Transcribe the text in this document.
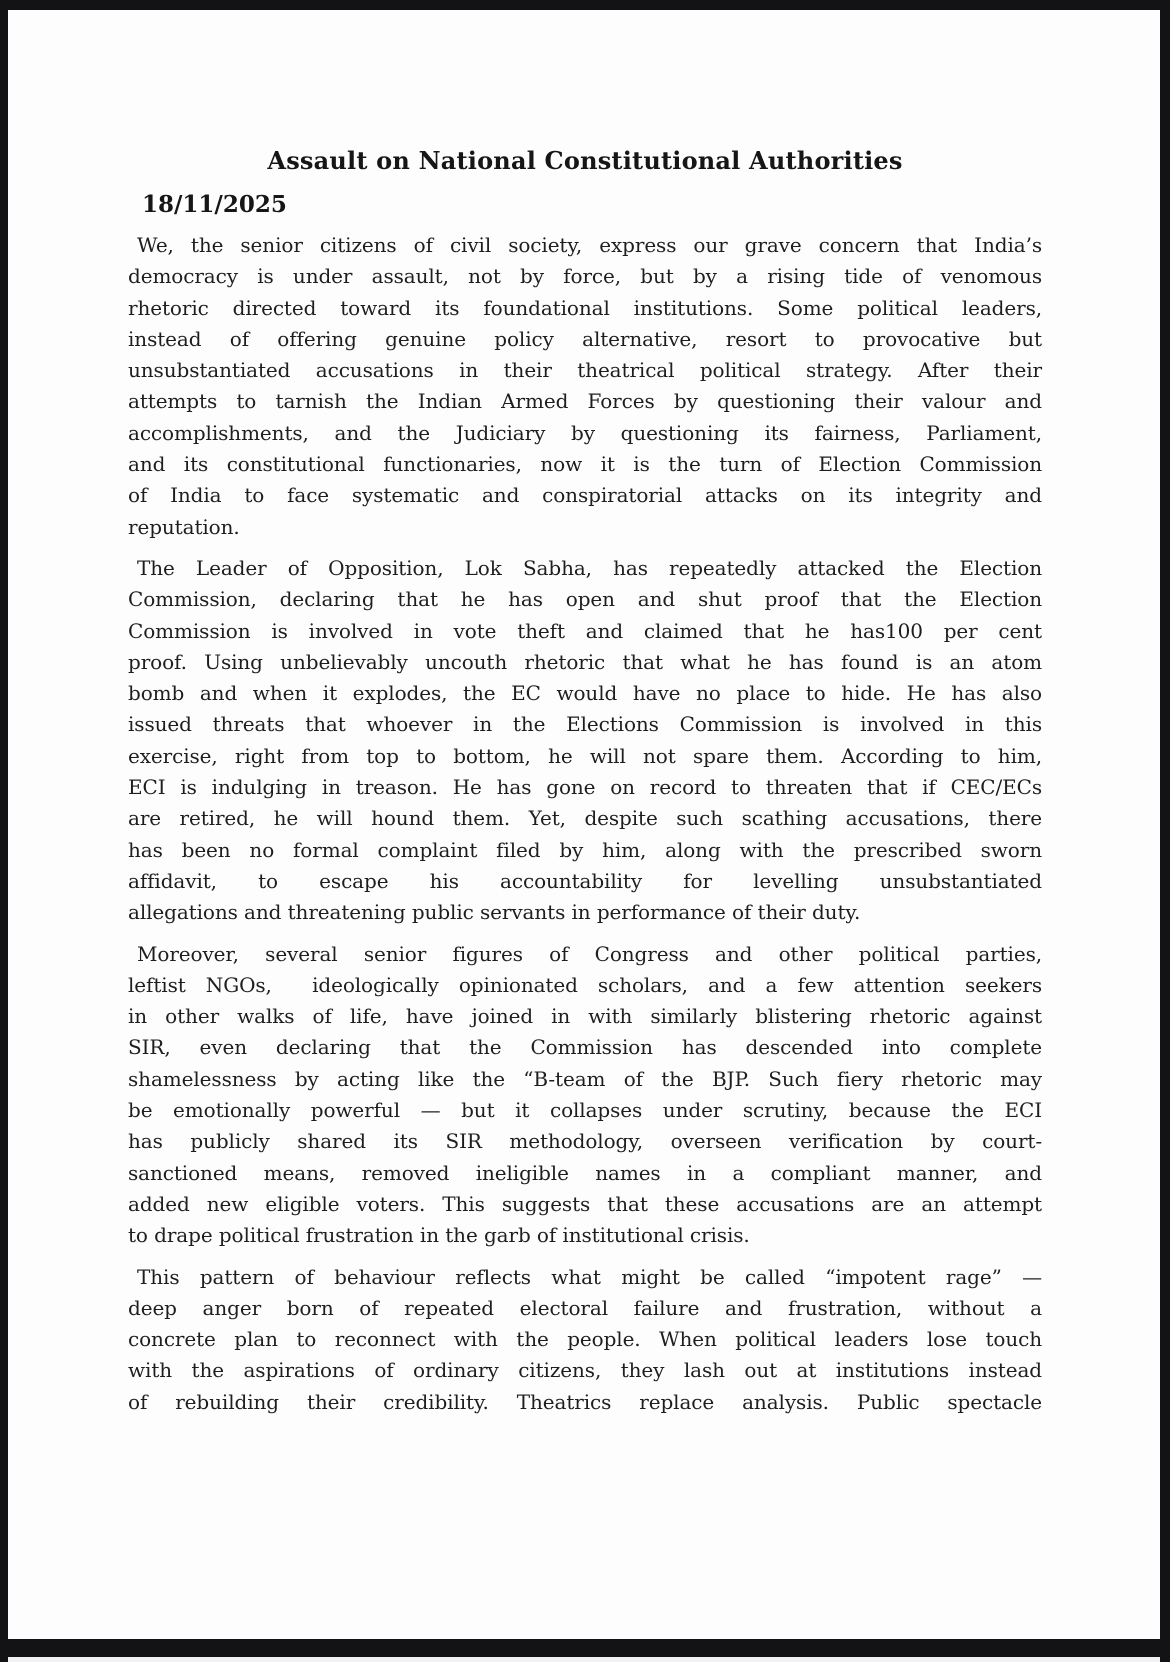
Assault on National Constitutional Authorities
18/11/2025
We, the senior citizens of civil society, express our grave concern that India’s
democracy is under assault, not by force, but by a rising tide of venomous
rhetoric directed toward its foundational institutions. Some political leaders,
instead of offering genuine policy alternative, resort to provocative but
unsubstantiated accusations in their theatrical political strategy. After their
attempts to tarnish the Indian Armed Forces by questioning their valour and
accomplishments, and the Judiciary by questioning its fairness, Parliament,
and its constitutional functionaries, now it is the turn of Election Commission
of India to face systematic and conspiratorial attacks on its integrity and
reputation.
The Leader of Opposition, Lok Sabha, has repeatedly attacked the Election
Commission, declaring that he has open and shut proof that the Election
Commission is involved in vote theft and claimed that he has100 per cent
proof. Using unbelievably uncouth rhetoric that what he has found is an atom
bomb and when it explodes, the EC would have no place to hide. He has also
issued threats that whoever in the Elections Commission is involved in this
exercise, right from top to bottom, he will not spare them. According to him,
ECI is indulging in treason. He has gone on record to threaten that if CEC/ECs
are retired, he will hound them. Yet, despite such scathing accusations, there
has been no formal complaint filed by him, along with the prescribed sworn
affidavit, to escape his accountability for levelling unsubstantiated
allegations and threatening public servants in performance of their duty.
Moreover, several senior figures of Congress and other political parties,
leftist NGOs,  ideologically opinionated scholars, and a few attention seekers
in other walks of life, have joined in with similarly blistering rhetoric against
SIR, even declaring that the Commission has descended into complete
shamelessness by acting like the “B-team of the BJP. Such fiery rhetoric may
be emotionally powerful — but it collapses under scrutiny, because the ECI
has publicly shared its SIR methodology, overseen verification by court-
sanctioned means, removed ineligible names in a compliant manner, and
added new eligible voters. This suggests that these accusations are an attempt
to drape political frustration in the garb of institutional crisis.
This pattern of behaviour reflects what might be called “impotent rage” —
deep anger born of repeated electoral failure and frustration, without a
concrete plan to reconnect with the people. When political leaders lose touch
with the aspirations of ordinary citizens, they lash out at institutions instead
of rebuilding their credibility. Theatrics replace analysis. Public spectacle
